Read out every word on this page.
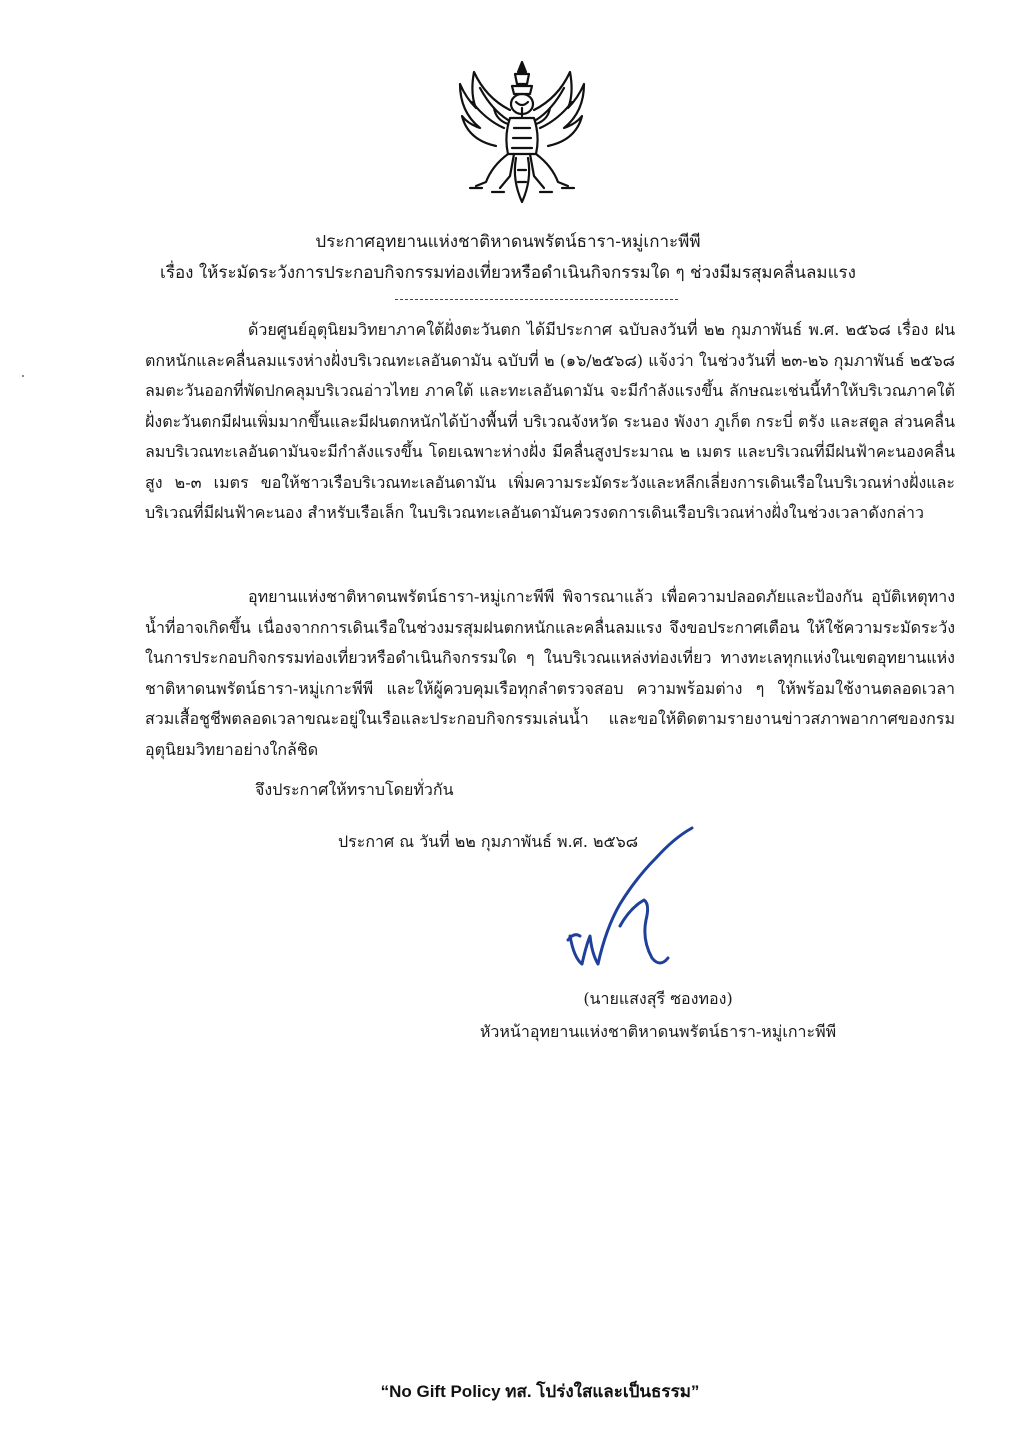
ประกาศอุทยานแห่งชาติหาดนพรัตน์ธารา-หมู่เกาะพีพี
เรื่อง ให้ระมัดระวังการประกอบกิจกรรมท่องเที่ยวหรือดำเนินกิจกรรมใด ๆ ช่วงมีมรสุมคลื่นลมแรง

ด้วยศูนย์อุตุนิยมวิทยาภาคใต้ฝั่งตะวันตก ได้มีประกาศ ฉบับลงวันที่ ๒๒ กุมภาพันธ์ พ.ศ. ๒๕๖๘ เรื่อง ฝนตกหนักและคลื่นลมแรงห่างฝั่งบริเวณทะเลอันดามัน ฉบับที่ ๒ (๑๖/๒๕๖๘) แจ้งว่า ในช่วงวันที่ ๒๓-๒๖ กุมภาพันธ์ ๒๕๖๘ ลมตะวันออกที่พัดปกคลุมบริเวณอ่าวไทย ภาคใต้ และทะเลอันดามัน จะมีกำลังแรงขึ้น ลักษณะเช่นนี้ทำให้บริเวณภาคใต้ฝั่งตะวันตกมีฝนเพิ่มมากขึ้นและมีฝนตกหนักได้บ้างพื้นที่ บริเวณจังหวัด ระนอง พังงา ภูเก็ต กระบี่ ตรัง และสตูล ส่วนคลื่นลมบริเวณทะเลอันดามันจะมีกำลังแรงขึ้น โดยเฉพาะห่างฝั่ง มีคลื่นสูงประมาณ ๒ เมตร และบริเวณที่มีฝนฟ้าคะนองคลื่นสูง ๒-๓ เมตร ขอให้ชาวเรือบริเวณทะเลอันดามัน เพิ่มความระมัดระวังและหลีกเลี่ยงการเดินเรือในบริเวณห่างฝั่งและบริเวณที่มีฝนฟ้าคะนอง สำหรับเรือเล็ก ในบริเวณทะเลอันดามันควรงดการเดินเรือบริเวณห่างฝั่งในช่วงเวลาดังกล่าว

อุทยานแห่งชาติหาดนพรัตน์ธารา-หมู่เกาะพีพี พิจารณาแล้ว เพื่อความปลอดภัยและป้องกัน อุบัติเหตุทางน้ำที่อาจเกิดขึ้น เนื่องจากการเดินเรือในช่วงมรสุมฝนตกหนักและคลื่นลมแรง จึงขอประกาศเตือน ให้ใช้ความระมัดระวัง ในการประกอบกิจกรรมท่องเที่ยวหรือดำเนินกิจกรรมใด ๆ ในบริเวณแหล่งท่องเที่ยว ทางทะเลทุกแห่งในเขตอุทยานแห่งชาติหาดนพรัตน์ธารา-หมู่เกาะพีพี และให้ผู้ควบคุมเรือทุกลำตรวจสอบ ความพร้อมต่าง ๆ ให้พร้อมใช้งานตลอดเวลา สวมเสื้อชูชีพตลอดเวลาขณะอยู่ในเรือและประกอบกิจกรรมเล่นน้ำ และขอให้ติดตามรายงานข่าวสภาพอากาศของกรมอุตุนิยมวิทยาอย่างใกล้ชิด

จึงประกาศให้ทราบโดยทั่วกัน

ประกาศ ณ วันที่ ๒๒ กุมภาพันธ์ พ.ศ. ๒๕๖๘

(นายแสงสุรี ซองทอง)

หัวหน้าอุทยานแห่งชาติหาดนพรัตน์ธารา-หมู่เกาะพีพี

“No Gift Policy ทส. โปร่งใสและเป็นธรรม”
